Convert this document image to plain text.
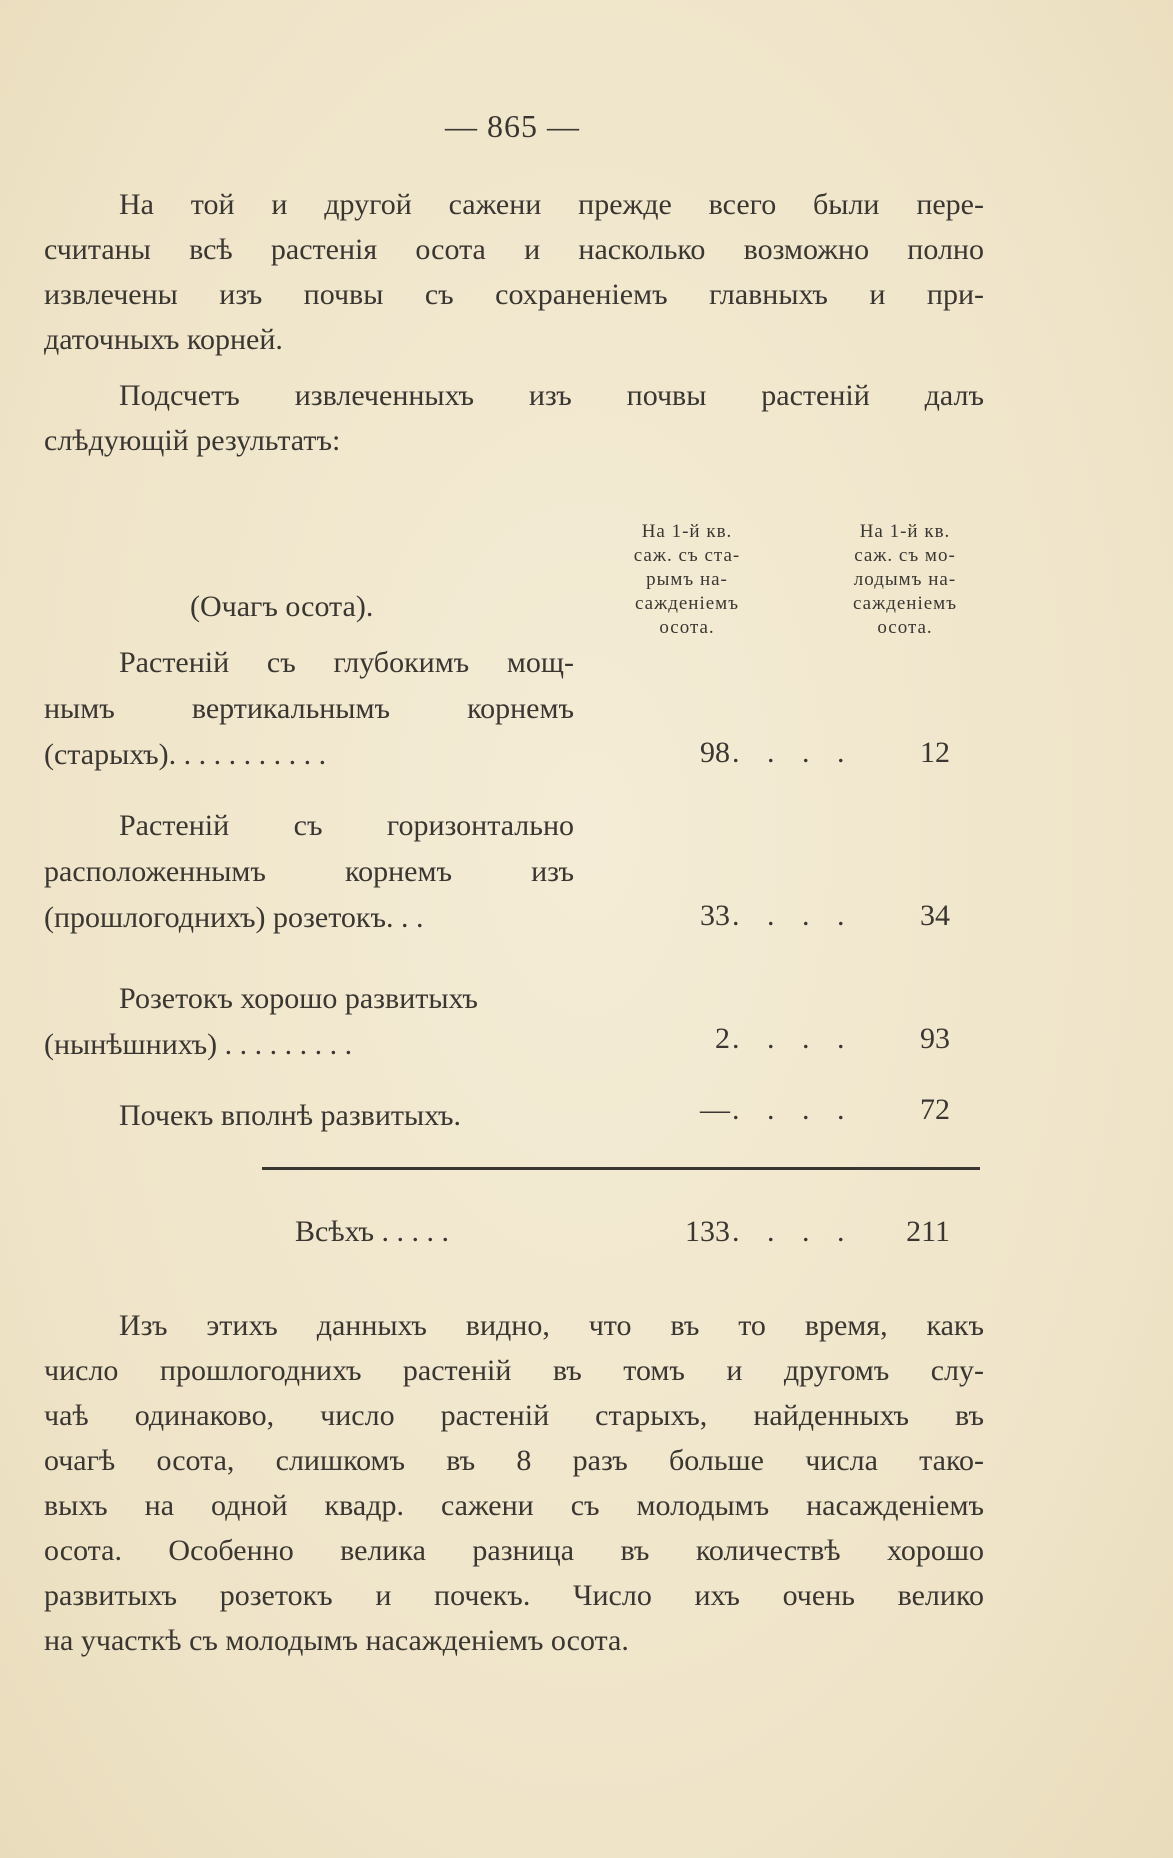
— 865 —
На той и другой сажени прежде всего были пере-
считаны всѣ растенія осота и насколько возможно полно
извлечены изъ почвы съ сохраненіемъ главныхъ и при-
даточныхъ корней.
Подсчетъ извлеченныхъ изъ почвы растеній далъ
слѣдующій результатъ:
На 1-й кв.
саж. съ ста-
рымъ на-
сажденіемъ
осота.
На 1-й кв.
саж. съ мо-
лодымъ на-
сажденіемъ
осота.
(Очагъ осота).
Растеній съ глубокимъ мощ-
нымъ вертикальнымъ корнемъ
(старыхъ). . . . . . . . . . .	98 . . . .	12
Растеній съ горизонтально
расположеннымъ корнемъ изъ
(прошлогоднихъ) розетокъ. . .	33 . . . .	34
Розетокъ хорошо развитыхъ
(нынѣшнихъ) . . . . . . . . .	2 . . . .	93
Почекъ вполнѣ развитыхъ.	— . . . .	72
Всѣхъ . . . . .	133 . . . .	211
Изъ этихъ данныхъ видно, что въ то время, какъ
число прошлогоднихъ растеній въ томъ и другомъ слу-
чаѣ одинаково, число растеній старыхъ, найденныхъ въ
очагѣ осота, слишкомъ въ 8 разъ больше числа тако-
выхъ на одной квадр. сажени съ молодымъ насажденіемъ
осота. Особенно велика разница въ количествѣ хорошо
развитыхъ розетокъ и почекъ. Число ихъ очень велико
на участкѣ съ молодымъ насажденіемъ осота.
